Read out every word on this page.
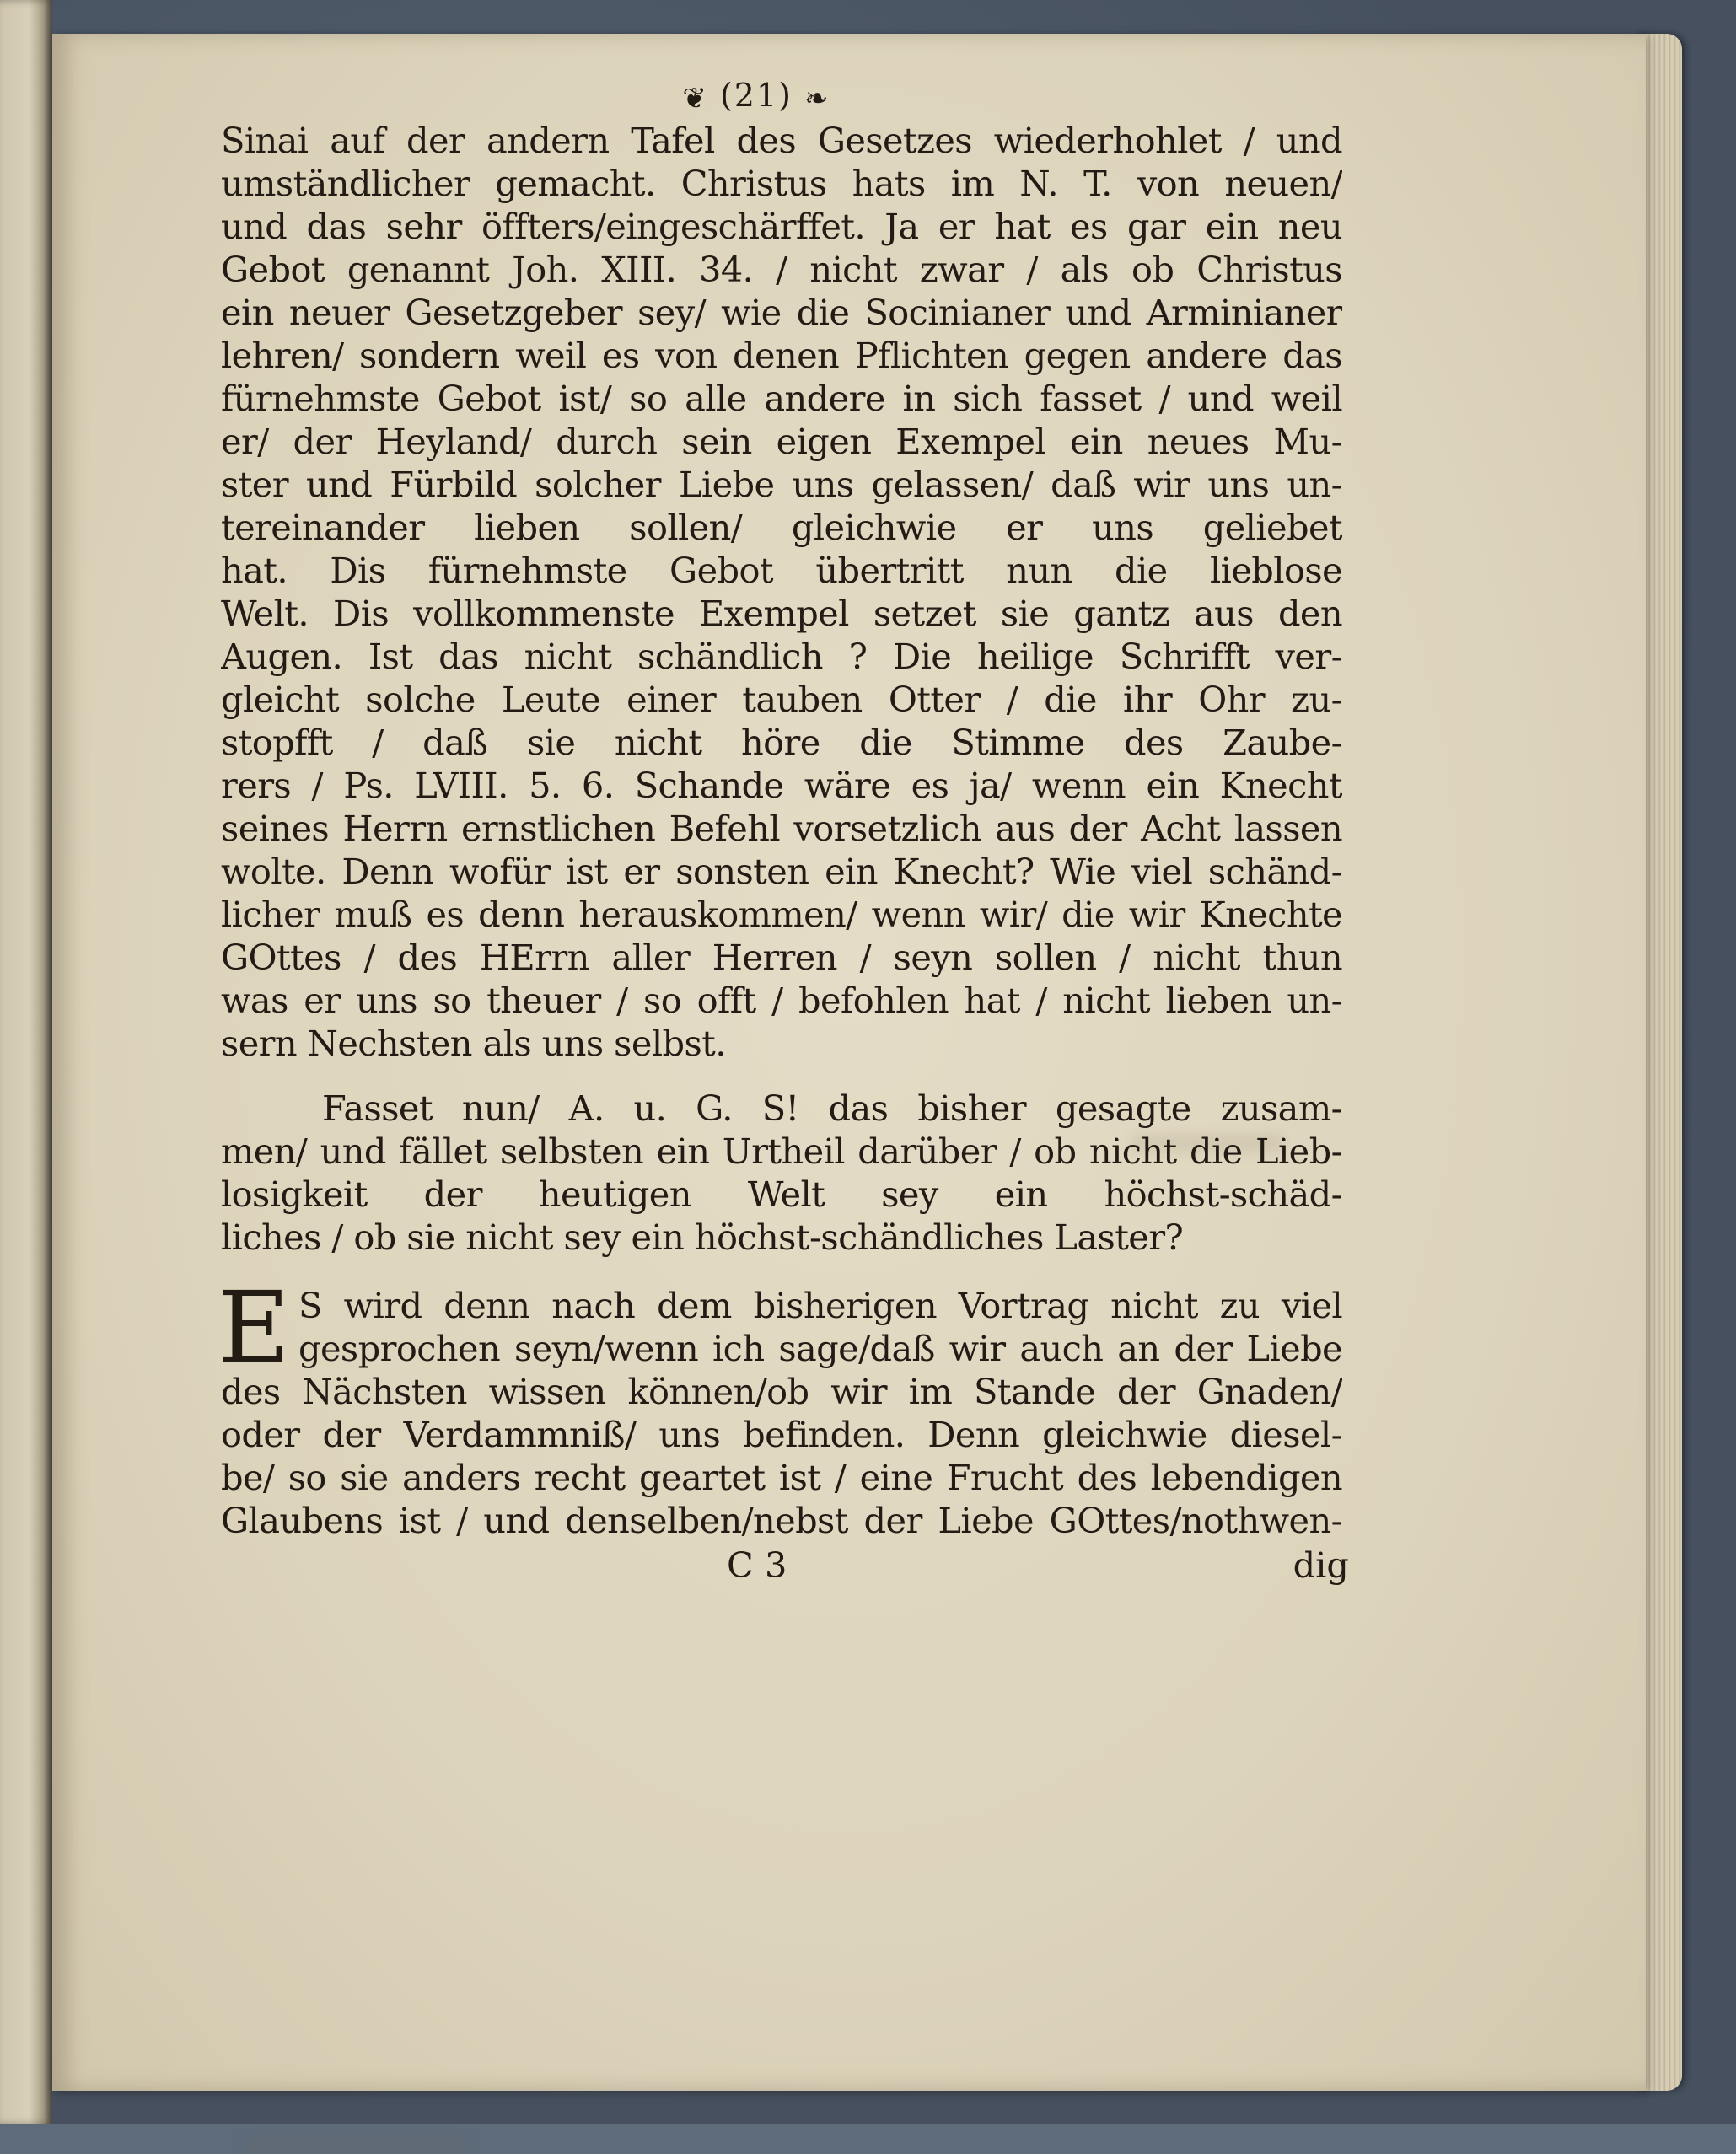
❦ (21) ❧
Sinai auf der andern Tafel des Gesetzes wiederhohlet / und
umständlicher gemacht. Christus hats im N. T. von neuen/
und das sehr öffters/eingeschärffet. Ja er hat es gar ein neu
Gebot genannt Joh. XIII. 34. / nicht zwar / als ob Christus
ein neuer Gesetzgeber sey/ wie die Socinianer und Arminianer
lehren/ sondern weil es von denen Pflichten gegen andere das
fürnehmste Gebot ist/ so alle andere in sich fasset / und weil
er/ der Heyland/ durch sein eigen Exempel ein neues Mu-
ster und Fürbild solcher Liebe uns gelassen/ daß wir uns un-
tereinander lieben sollen/ gleichwie er uns geliebet
hat. Dis fürnehmste Gebot übertritt nun die lieblose
Welt. Dis vollkommenste Exempel setzet sie gantz aus den
Augen. Ist das nicht schändlich ? Die heilige Schrifft ver-
gleicht solche Leute einer tauben Otter / die ihr Ohr zu-
stopfft / daß sie nicht höre die Stimme des Zaube-
rers / Ps. LVIII. 5. 6. Schande wäre es ja/ wenn ein Knecht
seines Herrn ernstlichen Befehl vorsetzlich aus der Acht lassen
wolte. Denn wofür ist er sonsten ein Knecht? Wie viel schänd-
licher muß es denn herauskommen/ wenn wir/ die wir Knechte
GOttes / des HErrn aller Herren / seyn sollen / nicht thun
was er uns so theuer / so offt / befohlen hat / nicht lieben un-
sern Nechsten als uns selbst.
Fasset nun/ A. u. G. S! das bisher gesagte zusam-
men/ und fället selbsten ein Urtheil darüber / ob nicht die Lieb-
losigkeit der heutigen Welt sey ein höchst-schäd-
liches / ob sie nicht sey ein höchst-schändliches Laster?
E S wird denn nach dem bisherigen Vortrag nicht zu viel
gesprochen seyn/wenn ich sage/daß wir auch an der Liebe
des Nächsten wissen können/ob wir im Stande der Gnaden/
oder der Verdammniß/ uns befinden. Denn gleichwie diesel-
be/ so sie anders recht geartet ist / eine Frucht des lebendigen
Glaubens ist / und denselben/nebst der Liebe GOttes/nothwen-
C 3	dig
